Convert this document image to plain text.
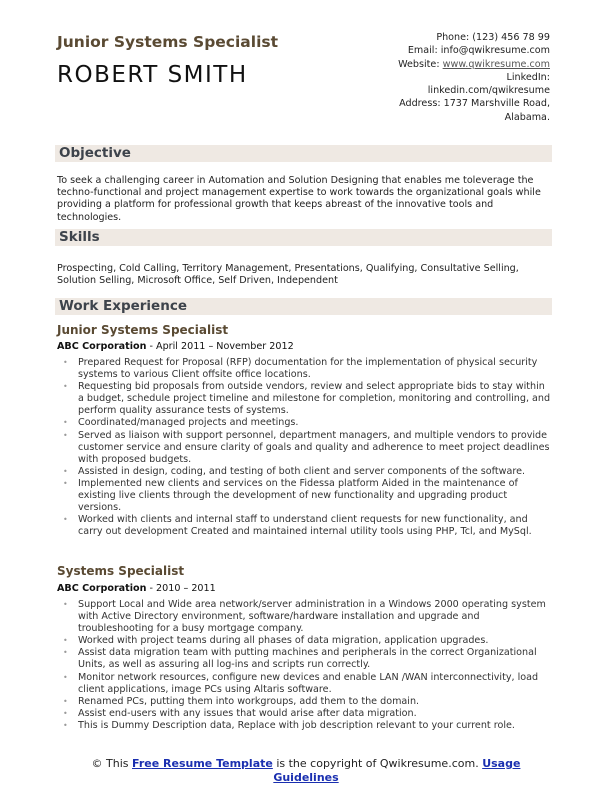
Junior Systems Specialist
ROBERT SMITH
Phone: (123) 456 78 99
Email: info@qwikresume.com
Website: www.qwikresume.com
LinkedIn:
linkedin.com/qwikresume
Address: 1737 Marshville Road,
Alabama.
Objective
To seek a challenging career in Automation and Solution Designing that enables me toleverage the techno-functional and project management expertise to work towards the organizational goals while providing a platform for professional growth that keeps abreast of the innovative tools and technologies.
Skills
Prospecting, Cold Calling, Territory Management, Presentations, Qualifying, Consultative Selling, Solution Selling, Microsoft Office, Self Driven, Independent
Work Experience
Junior Systems Specialist
ABC Corporation - April 2011 – November 2012
• Prepared Request for Proposal (RFP) documentation for the implementation of physical security systems to various Client offsite office locations.
• Requesting bid proposals from outside vendors, review and select appropriate bids to stay within a budget, schedule project timeline and milestone for completion, monitoring and controlling, and perform quality assurance tests of systems.
• Coordinated/managed projects and meetings.
• Served as liaison with support personnel, department managers, and multiple vendors to provide customer service and ensure clarity of goals and quality and adherence to meet project deadlines with proposed budgets.
• Assisted in design, coding, and testing of both client and server components of the software.
• Implemented new clients and services on the Fidessa platform Aided in the maintenance of existing live clients through the development of new functionality and upgrading product versions.
• Worked with clients and internal staff to understand client requests for new functionality, and carry out development Created and maintained internal utility tools using PHP, Tcl, and MySql.
Systems Specialist
ABC Corporation - 2010 – 2011
• Support Local and Wide area network/server administration in a Windows 2000 operating system with Active Directory environment, software/hardware installation and upgrade and troubleshooting for a busy mortgage company.
• Worked with project teams during all phases of data migration, application upgrades.
• Assist data migration team with putting machines and peripherals in the correct Organizational Units, as well as assuring all log-ins and scripts run correctly.
• Monitor network resources, configure new devices and enable LAN /WAN interconnectivity, load client applications, image PCs using Altaris software.
• Renamed PCs, putting them into workgroups, add them to the domain.
• Assist end-users with any issues that would arise after data migration.
• This is Dummy Description data, Replace with job description relevant to your current role.
© This Free Resume Template is the copyright of Qwikresume.com. Usage Guidelines
